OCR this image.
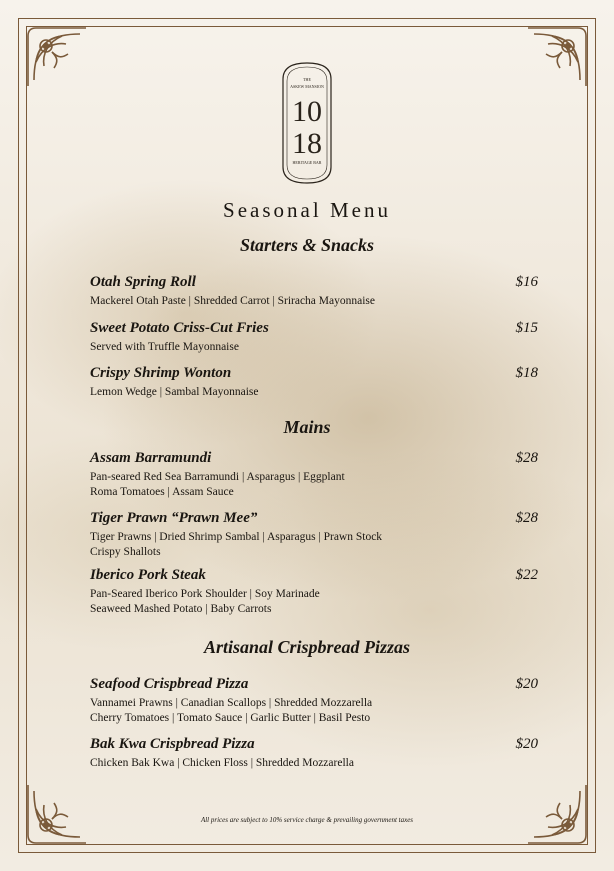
THE
ASKEW MANSION
10
18
HERITAGE BAR
Seasonal Menu
Starters & Snacks
Otah Spring Roll	$16
Mackerel Otah Paste | Shredded Carrot | Sriracha Mayonnaise
Sweet Potato Criss-Cut Fries	$15
Served with Truffle Mayonnaise
Crispy Shrimp Wonton	$18
Lemon Wedge | Sambal Mayonnaise
Mains
Assam Barramundi	$28
Pan-seared Red Sea Barramundi | Asparagus | Eggplant
Roma Tomatoes | Assam Sauce
Tiger Prawn “Prawn Mee”	$28
Tiger Prawns | Dried Shrimp Sambal | Asparagus | Prawn Stock
Crispy Shallots
Iberico Pork Steak	$22
Pan-Seared Iberico Pork Shoulder | Soy Marinade
Seaweed Mashed Potato | Baby Carrots
Artisanal Crispbread Pizzas
Seafood Crispbread Pizza	$20
Vannamei Prawns | Canadian Scallops | Shredded Mozzarella
Cherry Tomatoes | Tomato Sauce | Garlic Butter | Basil Pesto
Bak Kwa Crispbread Pizza	$20
Chicken Bak Kwa | Chicken Floss | Shredded Mozzarella
All prices are subject to 10% service charge & prevailing government taxes
